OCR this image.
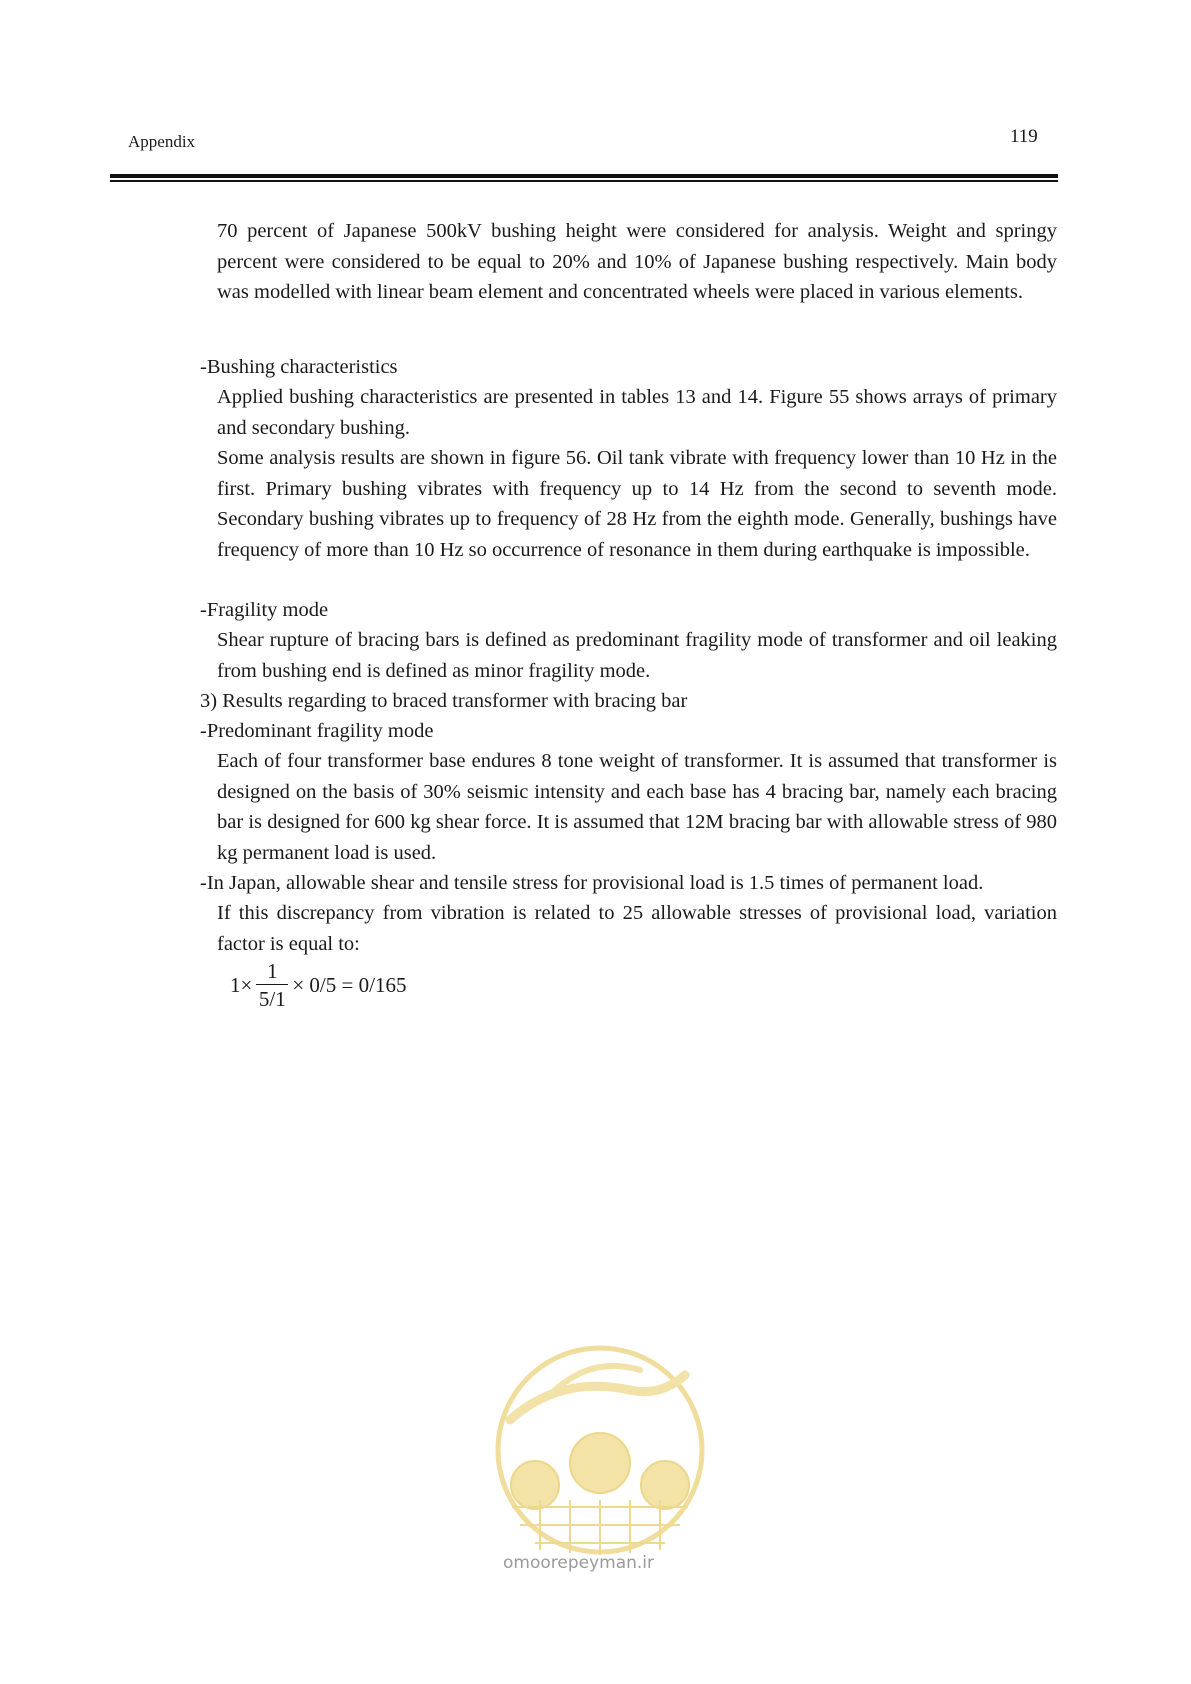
Appendix	119

70 percent of Japanese 500kV bushing height were considered for analysis. Weight and springy percent were considered to be equal to 20% and 10% of Japanese bushing respectively. Main body was modelled with linear beam element and concentrated wheels were placed in various elements.

-Bushing characteristics

Applied bushing characteristics are presented in tables 13 and 14. Figure 55 shows arrays of primary and secondary bushing.

Some analysis results are shown in figure 56. Oil tank vibrate with frequency lower than 10 Hz in the first. Primary bushing vibrates with frequency up to 14 Hz from the second to seventh mode. Secondary bushing vibrates up to frequency of 28 Hz from the eighth mode. Generally, bushings have frequency of more than 10 Hz so occurrence of resonance in them during earthquake is impossible.

-Fragility mode

Shear rupture of bracing bars is defined as predominant fragility mode of transformer and oil leaking from bushing end is defined as minor fragility mode.

3) Results regarding to braced transformer with bracing bar

-Predominant fragility mode

Each of four transformer base endures 8 tone weight of transformer. It is assumed that transformer is designed on the basis of 30% seismic intensity and each base has 4 bracing bar, namely each bracing bar is designed for 600 kg shear force. It is assumed that 12M bracing bar with allowable stress of 980 kg permanent load is used.

-In Japan, allowable shear and tensile stress for provisional load is 1.5 times of permanent load.

If this discrepancy from vibration is related to 25 allowable stresses of provisional load, variation factor is equal to:

$1\times \frac{1}{5/1} \times 0/5 = 0/165$
omoorepeyman.ir
